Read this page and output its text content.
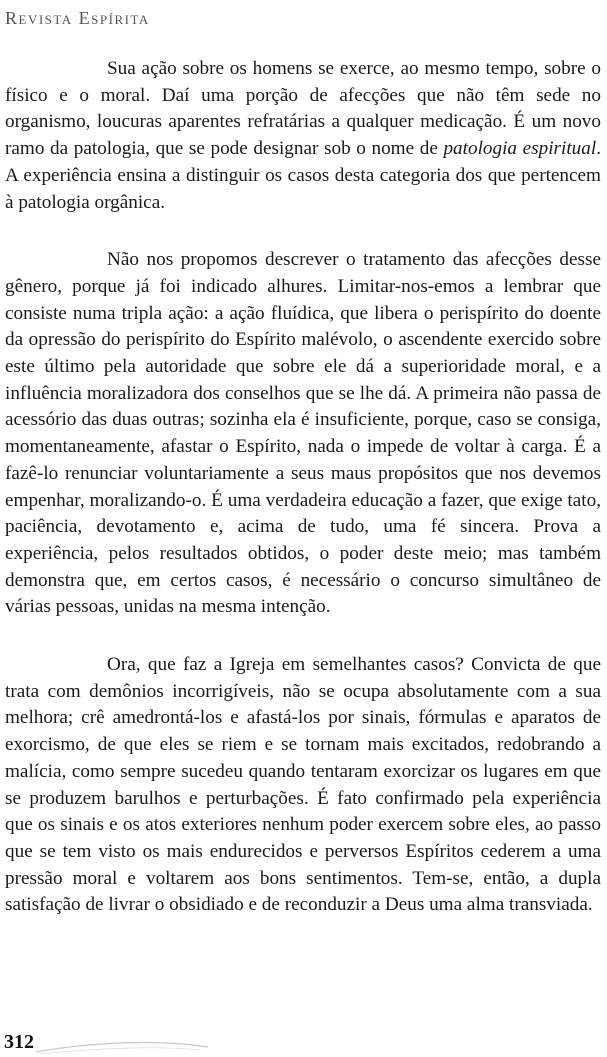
Revista Espírita

Sua ação sobre os homens se exerce, ao mesmo tempo, sobre o físico e o moral. Daí uma porção de afecções que não têm sede no organismo, loucuras aparentes refratárias a qualquer medicação. É um novo ramo da patologia, que se pode designar sob o nome de patologia espiritual. A experiência ensina a distinguir os casos desta categoria dos que pertencem à patologia orgânica.

Não nos propomos descrever o tratamento das afecções desse gênero, porque já foi indicado alhures. Limitar-nos-emos a lembrar que consiste numa tripla ação: a ação fluídica, que libera o perispírito do doente da opressão do perispírito do Espírito malévolo, o ascendente exercido sobre este último pela autoridade que sobre ele dá a superioridade moral, e a influência moralizadora dos conselhos que se lhe dá. A primeira não passa de acessório das duas outras; sozinha ela é insuficiente, porque, caso se consiga, momentaneamente, afastar o Espírito, nada o impede de voltar à carga. É a fazê-lo renunciar voluntariamente a seus maus propósitos que nos devemos empenhar, moralizando-o. É uma verdadeira educação a fazer, que exige tato, paciência, devotamento e, acima de tudo, uma fé sincera. Prova a experiência, pelos resultados obtidos, o poder deste meio; mas também demonstra que, em certos casos, é necessário o concurso simultâneo de várias pessoas, unidas na mesma intenção.

Ora, que faz a Igreja em semelhantes casos? Convicta de que trata com demônios incorrigíveis, não se ocupa absolutamente com a sua melhora; crê amedrontá-los e afastá-los por sinais, fórmulas e aparatos de exorcismo, de que eles se riem e se tornam mais excitados, redobrando a malícia, como sempre sucedeu quando tentaram exorcizar os lugares em que se produzem barulhos e perturbações. É fato confirmado pela experiência que os sinais e os atos exteriores nenhum poder exercem sobre eles, ao passo que se tem visto os mais endurecidos e perversos Espíritos cederem a uma pressão moral e voltarem aos bons sentimentos. Tem-se, então, a dupla satisfação de livrar o obsidiado e de reconduzir a Deus uma alma transviada.

312
